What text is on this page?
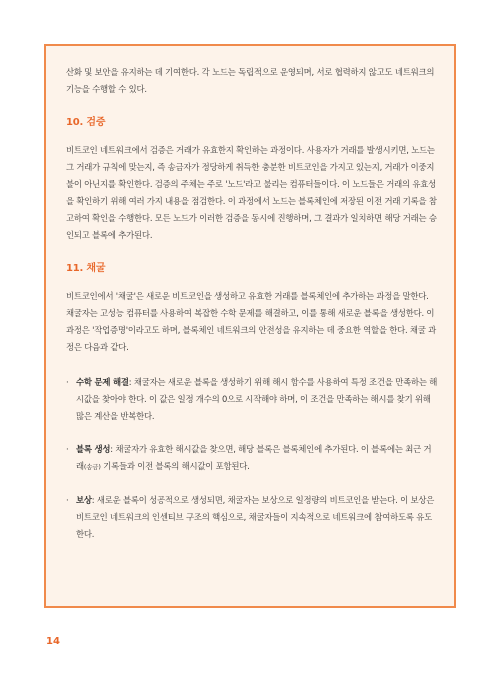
산화 및 보안을 유지하는 데 기여한다. 각 노드는 독립적으로 운영되며, 서로 협력하지 않고도 네트워크의 기능을 수행할 수 있다.

10. 검증

비트코인 네트워크에서 검증은 거래가 유효한지 확인하는 과정이다. 사용자가 거래를 발생시키면, 노드는 그 거래가 규칙에 맞는지, 즉 송금자가 정당하게 취득한 충분한 비트코인을 가지고 있는지, 거래가 이중지불이 아닌지를 확인한다. 검증의 주체는 주로 '노드'라고 불리는 컴퓨터들이다. 이 노드들은 거래의 유효성을 확인하기 위해 여러 가지 내용을 점검한다. 이 과정에서 노드는 블록체인에 저장된 이전 거래 기록을 참고하여 확인을 수행한다. 모든 노드가 이러한 검증을 동시에 진행하며, 그 결과가 일치하면 해당 거래는 승인되고 블록에 추가된다.

11. 채굴

비트코인에서 '채굴'은 새로운 비트코인을 생성하고 유효한 거래를 블록체인에 추가하는 과정을 말한다. 채굴자는 고성능 컴퓨터를 사용하여 복잡한 수학 문제를 해결하고, 이를 통해 새로운 블록을 생성한다. 이 과정은 '작업증명'이라고도 하며, 블록체인 네트워크의 안전성을 유지하는 데 중요한 역할을 한다. 채굴 과정은 다음과 같다.

· 수학 문제 해결: 채굴자는 새로운 블록을 생성하기 위해 해시 함수를 사용하여 특정 조건을 만족하는 해시값을 찾아야 한다. 이 값은 일정 개수의 0으로 시작해야 하며, 이 조건을 만족하는 해시를 찾기 위해 많은 계산을 반복한다.
· 블록 생성: 채굴자가 유효한 해시값을 찾으면, 해당 블록은 블록체인에 추가된다. 이 블록에는 최근 거래(송금) 기록들과 이전 블록의 해시값이 포함된다.
· 보상: 새로운 블록이 성공적으로 생성되면, 채굴자는 보상으로 일정량의 비트코인을 받는다. 이 보상은 비트코인 네트워크의 인센티브 구조의 핵심으로, 채굴자들이 지속적으로 네트워크에 참여하도록 유도한다.
14
